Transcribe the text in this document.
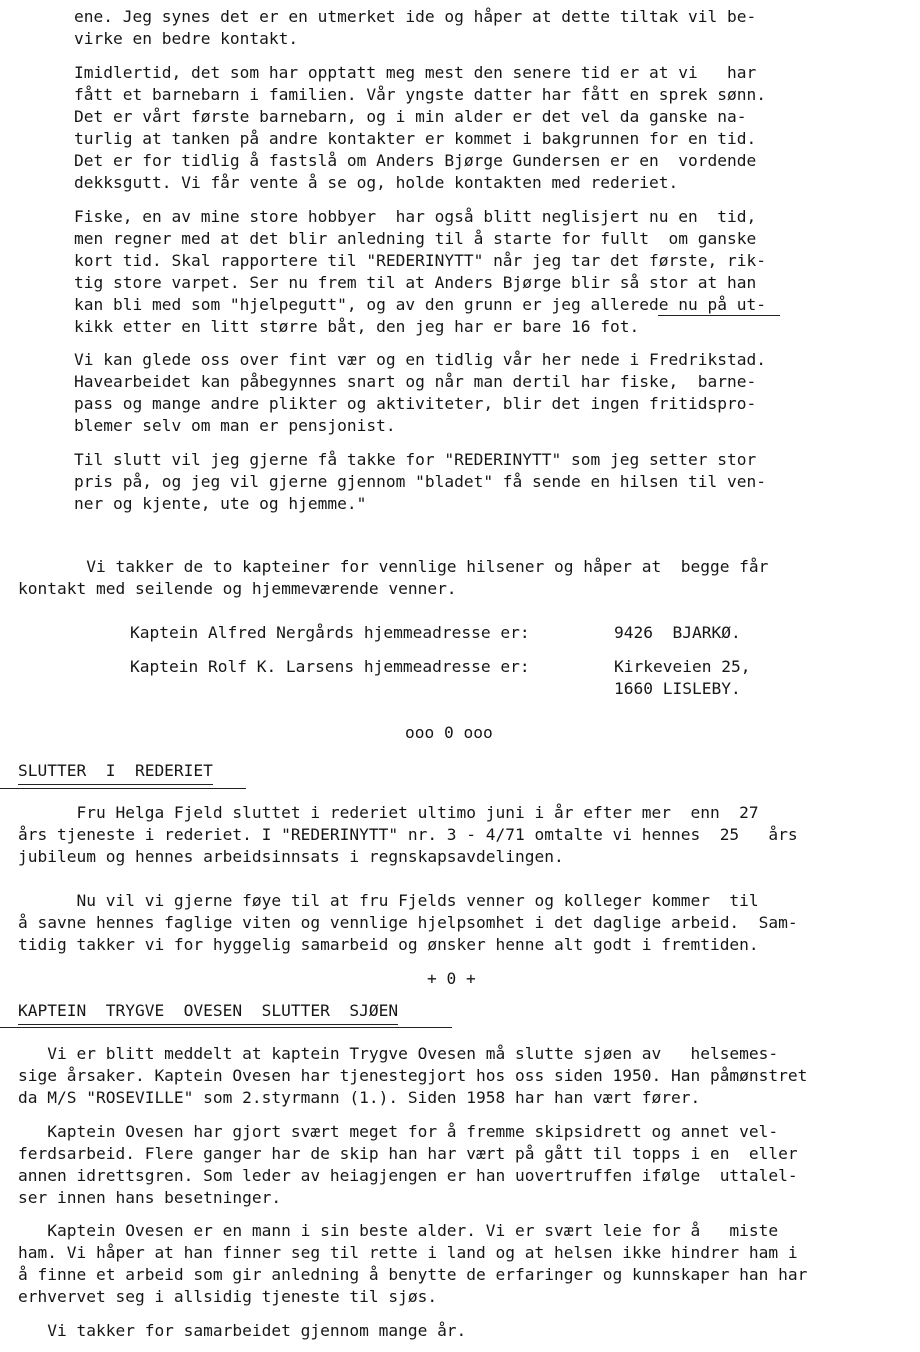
ene. Jeg synes det er en utmerket ide og håper at dette tiltak vil be-
virke en bedre kontakt.
Imidlertid, det som har opptatt meg mest den senere tid er at vi   har
fått et barnebarn i familien. Vår yngste datter har fått en sprek sønn.
Det er vårt første barnebarn, og i min alder er det vel da ganske na-
turlig at tanken på andre kontakter er kommet i bakgrunnen for en tid.
Det er for tidlig å fastslå om Anders Bjørge Gundersen er en  vordende
dekksgutt. Vi får vente å se og, holde kontakten med rederiet.
Fiske, en av mine store hobbyer  har også blitt neglisjert nu en  tid,
men regner med at det blir anledning til å starte for fullt  om ganske
kort tid. Skal rapportere til "REDERINYTT" når jeg tar det første, rik-
tig store varpet. Ser nu frem til at Anders Bjørge blir så stor at han
kan bli med som "hjelpegutt", og av den grunn er jeg allerede nu på ut-
kikk etter en litt større båt, den jeg har er bare 16 fot.
Vi kan glede oss over fint vær og en tidlig vår her nede i Fredrikstad.
Havearbeidet kan påbegynnes snart og når man dertil har fiske,  barne-
pass og mange andre plikter og aktiviteter, blir det ingen fritidspro-
blemer selv om man er pensjonist.
Til slutt vil jeg gjerne få takke for "REDERINYTT" som jeg setter stor
pris på, og jeg vil gjerne gjennom "bladet" få sende en hilsen til ven-
ner og kjente, ute og hjemme."
Vi takker de to kapteiner for vennlige hilsener og håper at  begge får
kontakt med seilende og hjemmeværende venner.
Kaptein Alfred Nergårds hjemmeadresse er:	9426  BJARKØ.
Kaptein Rolf K. Larsens hjemmeadresse er:	Kirkeveien 25,
1660 LISLEBY.
ooo 0 ooo
SLUTTER  I  REDERIET
Fru Helga Fjeld sluttet i rederiet ultimo juni i år efter mer  enn  27
års tjeneste i rederiet. I "REDERINYTT" nr. 3 - 4/71 omtalte vi hennes  25   års
jubileum og hennes arbeidsinnsats i regnskapsavdelingen.
Nu vil vi gjerne føye til at fru Fjelds venner og kolleger kommer  til
å savne hennes faglige viten og vennlige hjelpsomhet i det daglige arbeid.  Sam-
tidig takker vi for hyggelig samarbeid og ønsker henne alt godt i fremtiden.
+ 0 +
KAPTEIN  TRYGVE  OVESEN  SLUTTER  SJØEN
Vi er blitt meddelt at kaptein Trygve Ovesen må slutte sjøen av   helsemes-
sige årsaker. Kaptein Ovesen har tjenestegjort hos oss siden 1950. Han påmønstret
da M/S "ROSEVILLE" som 2.styrmann (1.). Siden 1958 har han vært fører.
Kaptein Ovesen har gjort svært meget for å fremme skipsidrett og annet vel-
ferdsarbeid. Flere ganger har de skip han har vært på gått til topps i en  eller
annen idrettsgren. Som leder av heiagjengen er han uovertruffen ifølge  uttalel-
ser innen hans besetninger.
Kaptein Ovesen er en mann i sin beste alder. Vi er svært leie for å   miste
ham. Vi håper at han finner seg til rette i land og at helsen ikke hindrer ham i
å finne et arbeid som gir anledning å benytte de erfaringer og kunnskaper han har
erhvervet seg i allsidig tjeneste til sjøs.
Vi takker for samarbeidet gjennom mange år.
